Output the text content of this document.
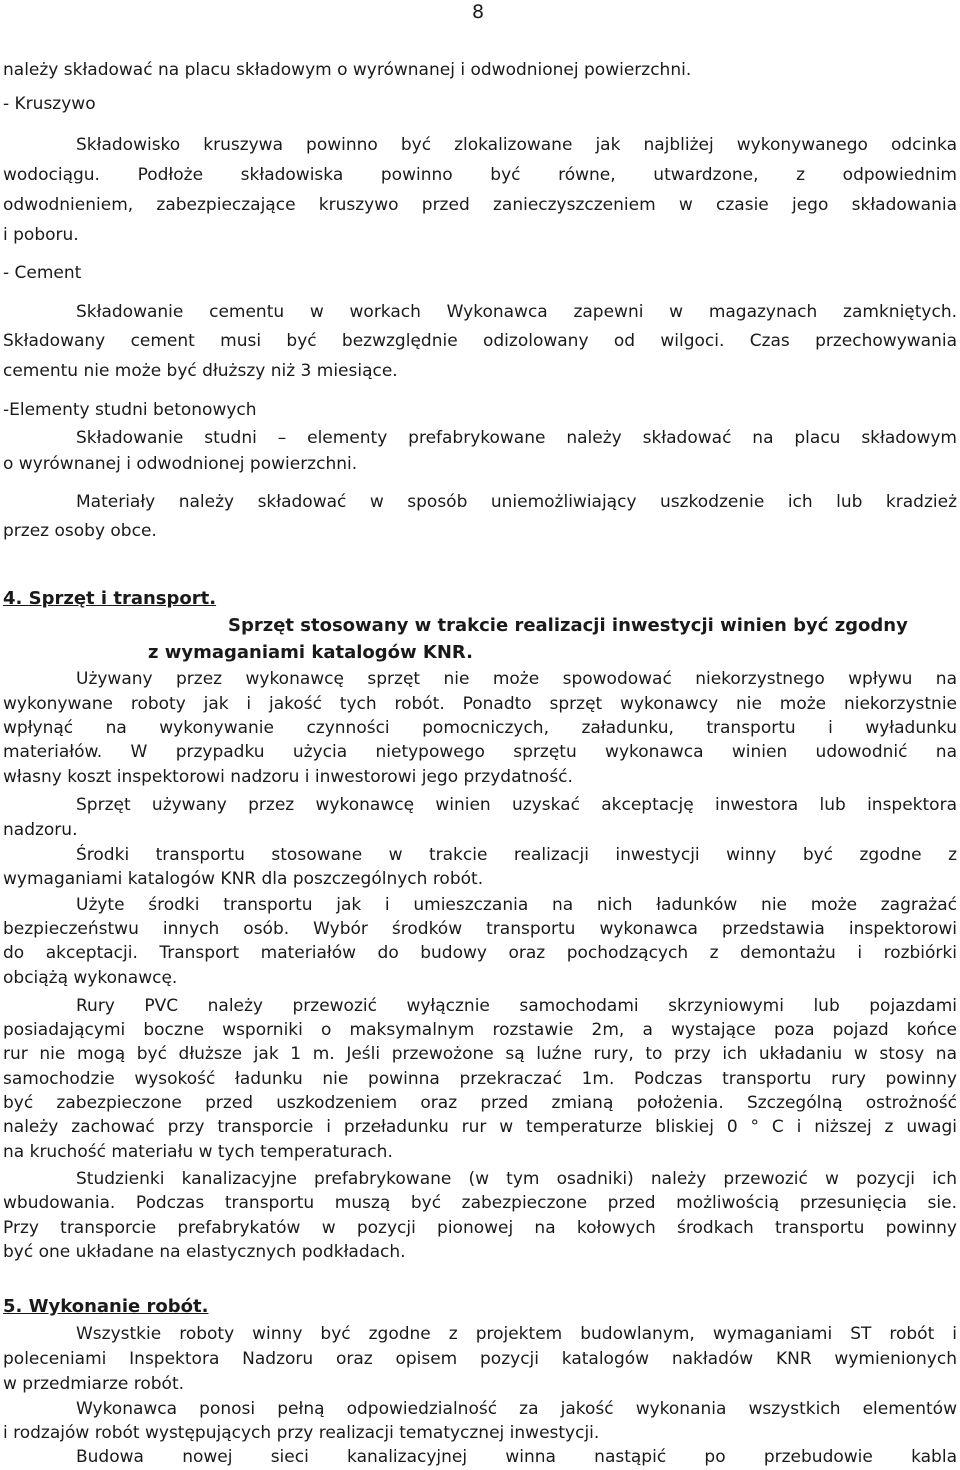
8

należy składować na placu składowym o wyrównanej i odwodnionej powierzchni.

- Kruszywo

Składowisko kruszywa powinno być zlokalizowane jak najbliżej wykonywanego odcinka

wodociągu. Podłoże składowiska powinno być równe, utwardzone, z odpowiednim

odwodnieniem, zabezpieczające kruszywo przed zanieczyszczeniem w czasie jego składowania

i poboru.

- Cement

Składowanie cementu w workach Wykonawca zapewni w magazynach zamkniętych.

Składowany cement musi być bezwzględnie odizolowany od wilgoci. Czas przechowywania

cementu nie może być dłuższy niż 3 miesiące.

-Elementy studni betonowych

Składowanie studni – elementy prefabrykowane należy składować na placu składowym

o wyrównanej i odwodnionej powierzchni.

Materiały należy składować w sposób uniemożliwiający uszkodzenie ich lub kradzież

przez osoby obce.

4. Sprzęt i transport.

Sprzęt stosowany w trakcie realizacji inwestycji winien być zgodny

z wymaganiami katalogów KNR.

Używany przez wykonawcę sprzęt nie może spowodować niekorzystnego wpływu na

wykonywane roboty jak i jakość tych robót. Ponadto sprzęt wykonawcy nie może niekorzystnie

wpłynąć na wykonywanie czynności pomocniczych, załadunku, transportu i wyładunku

materiałów. W przypadku użycia nietypowego sprzętu wykonawca winien udowodnić na

własny koszt inspektorowi nadzoru i inwestorowi jego przydatność.

Sprzęt używany przez wykonawcę winien uzyskać akceptację inwestora lub inspektora

nadzoru.

Środki transportu stosowane w trakcie realizacji inwestycji winny być zgodne z

wymaganiami katalogów KNR dla poszczególnych robót.

Użyte środki transportu jak i umieszczania na nich ładunków nie może zagrażać

bezpieczeństwu innych osób. Wybór środków transportu wykonawca przedstawia inspektorowi

do akceptacji. Transport materiałów do budowy oraz pochodzących z demontażu i rozbiórki

obciążą wykonawcę.

Rury PVC należy przewozić wyłącznie samochodami skrzyniowymi lub pojazdami

posiadającymi boczne wsporniki o maksymalnym rozstawie 2m, a wystające poza pojazd końce

rur nie mogą być dłuższe jak 1 m. Jeśli przewożone są luźne rury, to przy ich układaniu w stosy na

samochodzie wysokość ładunku nie powinna przekraczać 1m. Podczas transportu rury powinny

być zabezpieczone przed uszkodzeniem oraz przed zmianą położenia. Szczególną ostrożność

należy zachować przy transporcie i przeładunku rur w temperaturze bliskiej 0 ° C i niższej z uwagi

na kruchość materiału w tych temperaturach.

Studzienki kanalizacyjne prefabrykowane (w tym osadniki) należy przewozić w pozycji ich

wbudowania. Podczas transportu muszą być zabezpieczone przed możliwością przesunięcia sie.

Przy transporcie prefabrykatów w pozycji pionowej na kołowych środkach transportu powinny

być one układane na elastycznych podkładach.

5. Wykonanie robót.

Wszystkie roboty winny być zgodne z projektem budowlanym, wymaganiami ST robót i

poleceniami Inspektora Nadzoru oraz opisem pozycji katalogów nakładów KNR wymienionych

w przedmiarze robót.

Wykonawca ponosi pełną odpowiedzialność za jakość wykonania wszystkich elementów

i rodzajów robót występujących przy realizacji tematycznej inwestycji.

Budowa nowej sieci kanalizacyjnej winna nastąpić po przebudowie kabla
